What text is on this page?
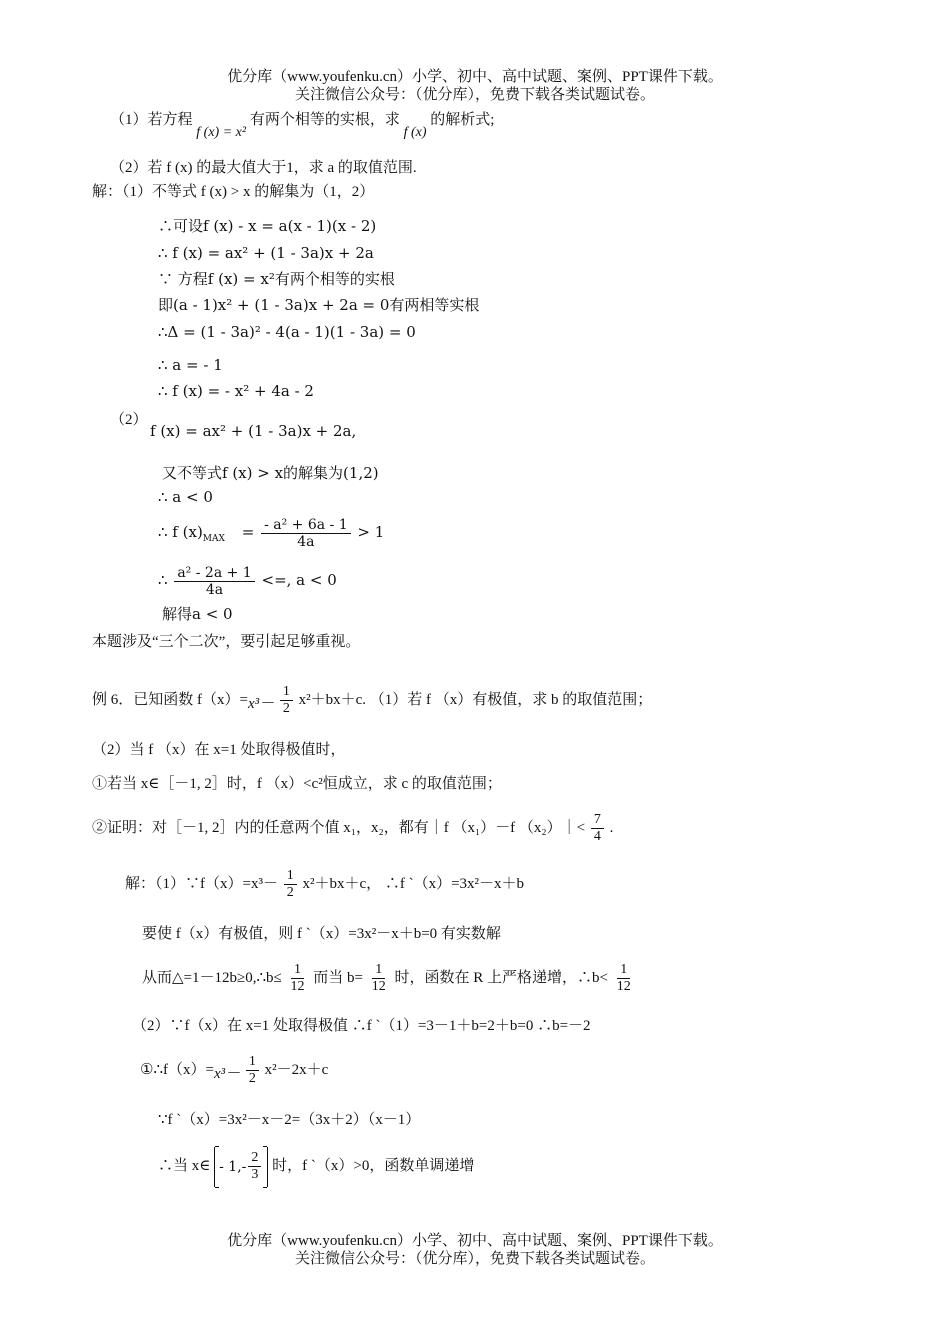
优分库（www.youfenku.cn）小学、初中、高中试题、案例、PPT课件下载。
关注微信公众号：（优分库），免费下载各类试题试卷。
（1）若方程 f (x) = x² 有两个相等的实根，求 f (x) 的解析式;
（2）若 f (x) 的最大值大于1，求 a 的取值范围.
解：（1）不等式 f (x) > x 的解集为（1，2）
∴可设f (x) - x = a(x - 1)(x - 2)
∴ f (x) = ax² + (1 - 3a)x + 2a
∵ 方程f (x) = x²有两个相等的实根
即(a - 1)x² + (1 - 3a)x + 2a = 0有两相等实根
∴Δ = (1 - 3a)² - 4(a - 1)(1 - 3a) = 0
∴ a = - 1
∴ f (x) = - x² + 4a - 2
（2）
f (x) = ax² + (1 - 3a)x + 2a,
又不等式f (x) > x的解集为(1,2)
∴ a < 0
∴ f $(x)_{MAX} = \frac{\text{- a² + 6a - 1}}{4a} > 1$
∴ $\frac{\text{a² - 2a + 1}}{4a}$ <=, a < 0
解得a < 0
本题涉及“三个二次”，要引起足够重视。
例 6．已知函数 $f(x)=x^3- \frac{1}{2} x^2+bx+c$. （1）若 f （x）有极值，求 b 的取值范围；
（2）当 f （x）在 x=1 处取得极值时，
①若当 x∈［－1, 2］时，f （x）<c²恒成立，求 c 的取值范围；
②证明：对［－1, 2］内的任意两个值 x₁，x₂，都有｜f （x₁）－f （x₂）｜< $\frac{7}{4}$ .
解：（1）∵f（x）=x³－ $\frac{1}{2} x^2+bx+c$， ∴f `（x）=3x²－x＋b
要使 f（x）有极值，则 f `（x）=3x²－x＋b=0 有实数解
从而△=1－12b≥0,∴b≤ $\frac{1}{12}$ 而当 $b= \frac{1}{12}$ 时，函数在 R 上严格递增，∴b< $\frac{1}{12}$
（2）∵f（x）在 x=1 处取得极值 ∴f `（1）=3－1＋b=2＋b=0 ∴b=－2
①∴f（x）=x³－ $\frac{1}{2} x^2-2x+c$
∵f `（x）=3x²－x－2=（3x＋2）（x－1）
∴当 x∈ - $1,- \frac{2}{3}$ 时，f `（x）>0，函数单调递增
优分库（www.youfenku.cn）小学、初中、高中试题、案例、PPT课件下载。
关注微信公众号：（优分库），免费下载各类试题试卷。
